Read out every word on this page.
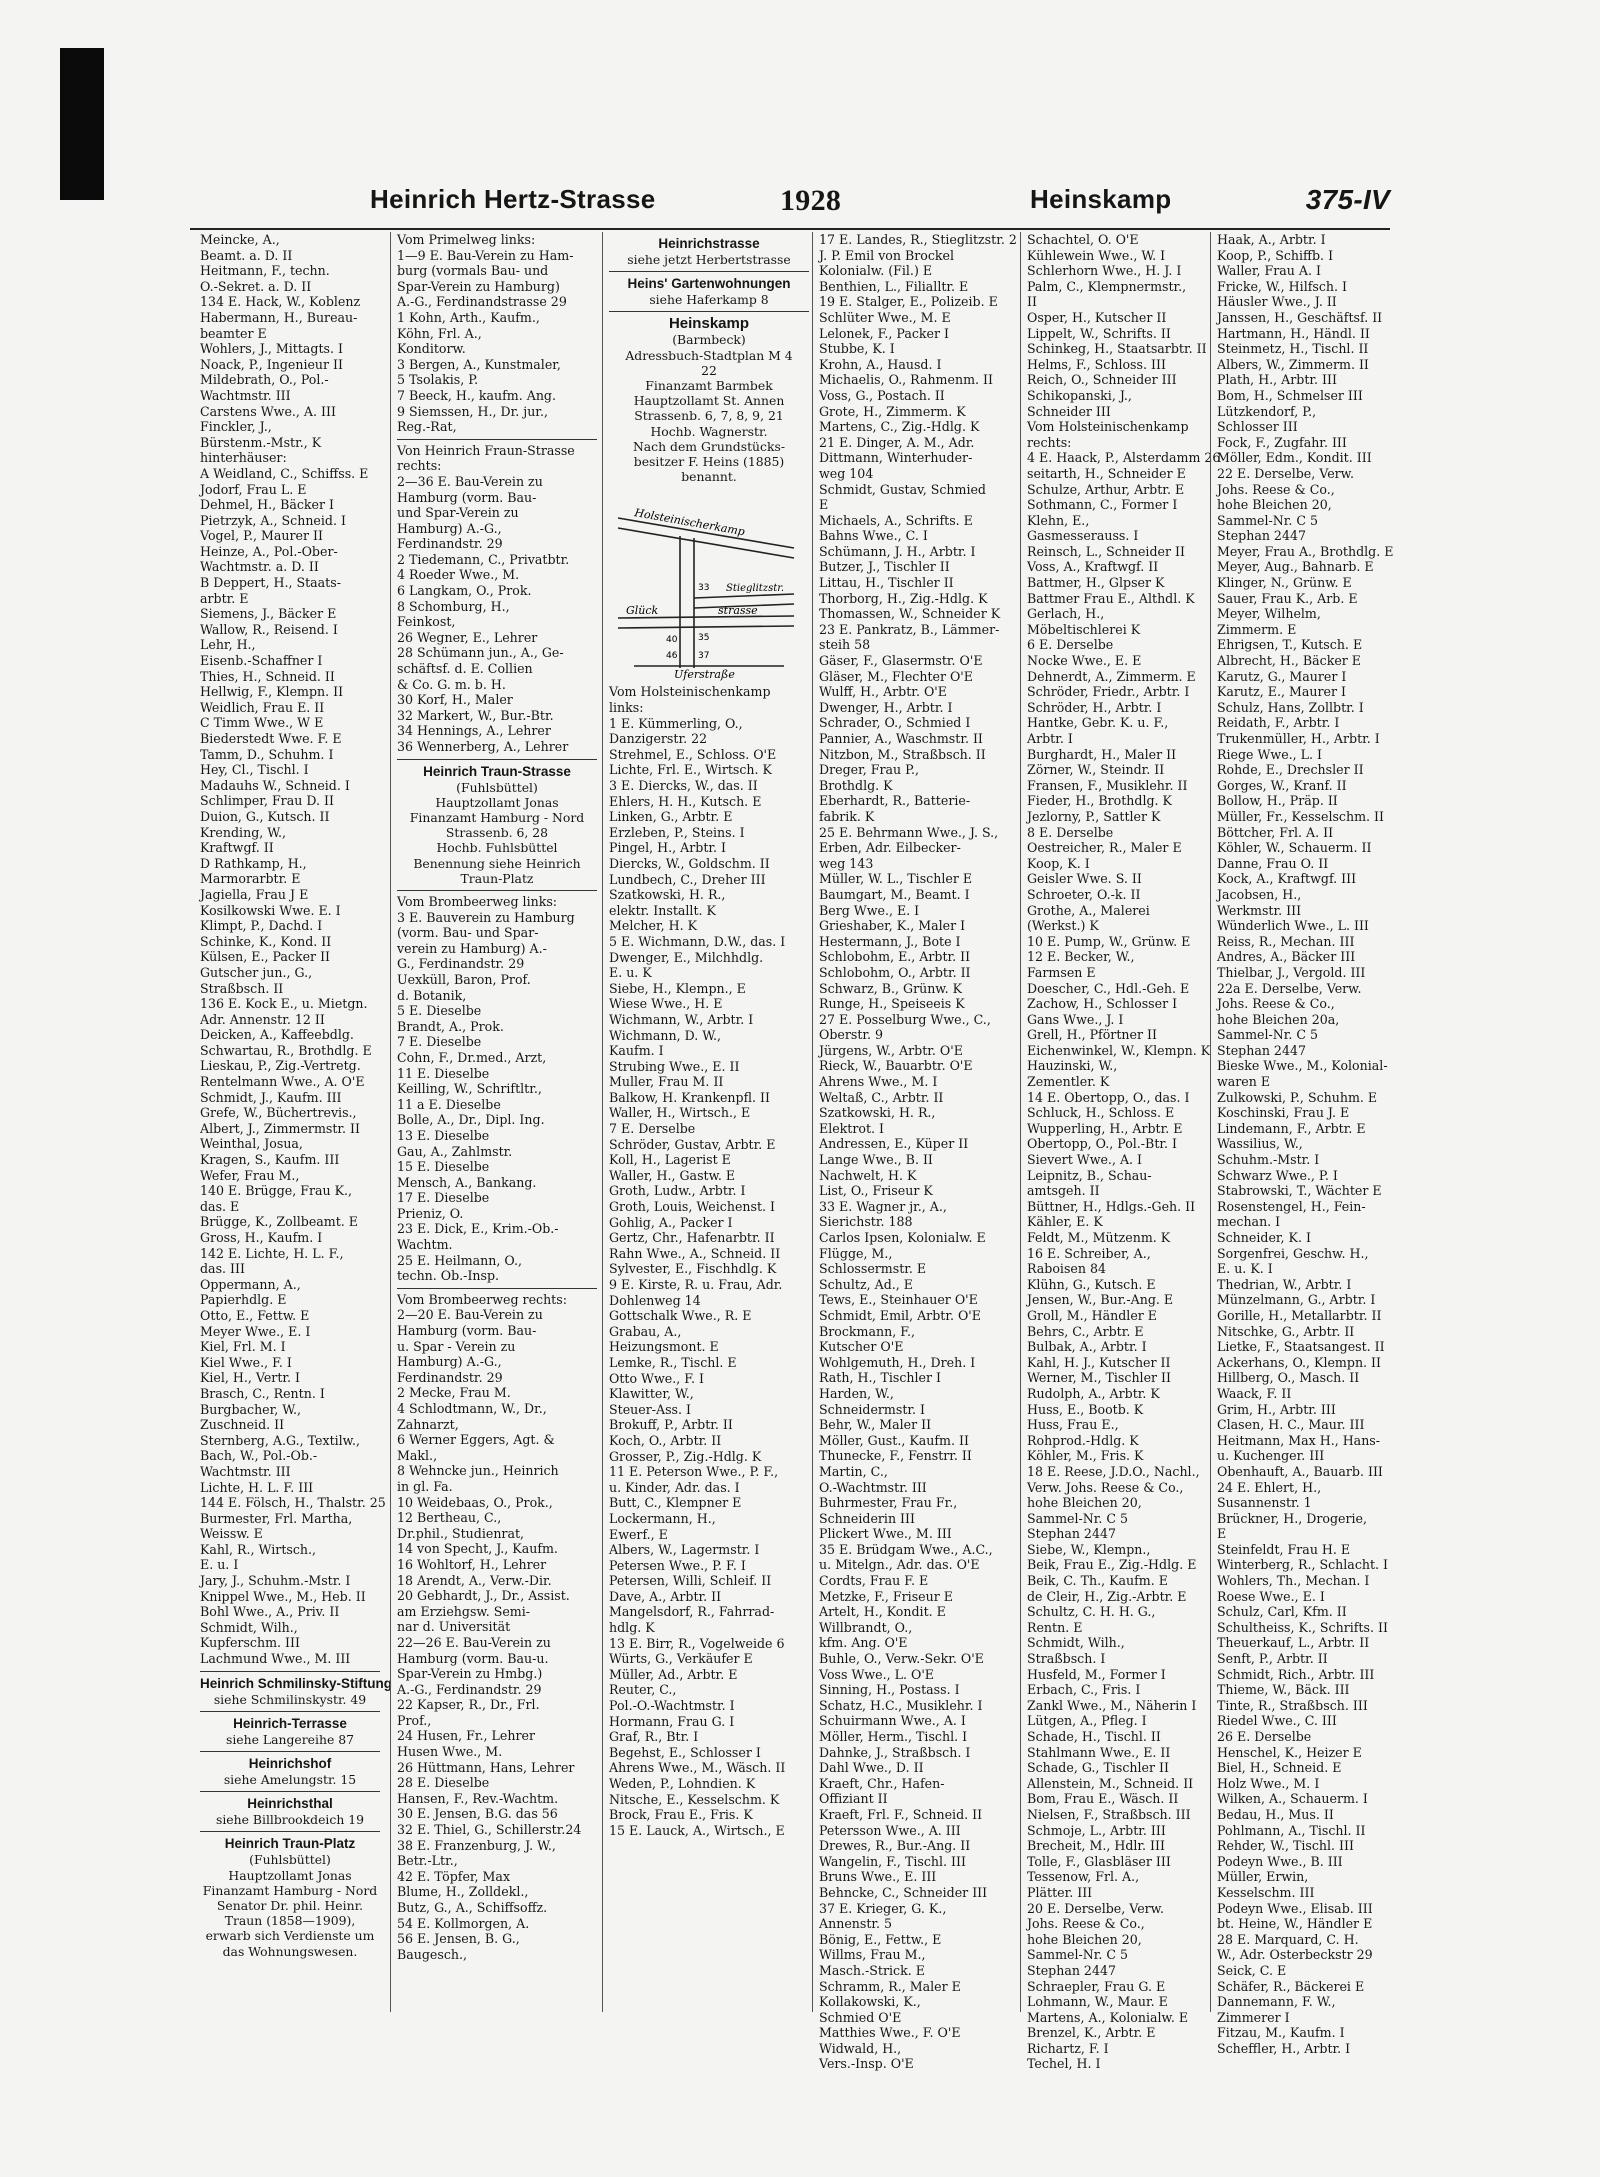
Heinrich Hertz-Strasse	1928	Heinskamp	375-IV
Meincke, A.,
Beamt. a. D. II
Heitmann, F., techn.
O.-Sekret. a. D. II
134 E. Hack, W., Koblenz
Habermann, H., Bureau-
beamter E
Wohlers, J., Mittagts. I
Noack, P., Ingenieur II
Mildebrath, O., Pol.-
Wachtmstr. III
Carstens Wwe., A. III
Finckler, J.,
Bürstenm.-Mstr., K
hinterhäuser:
A Weidland, C., Schiffss. E
Jodorf, Frau L. E
Dehmel, H., Bäcker I
Pietrzyk, A., Schneid. I
Vogel, P., Maurer II
Heinze, A., Pol.-Ober-
Wachtmstr. a. D. II
B Deppert, H., Staats-
arbtr. E
Siemens, J., Bäcker E
Wallow, R., Reisend. I
Lehr, H.,
Eisenb.-Schaffner I
Thies, H., Schneid. II
Hellwig, F., Klempn. II
Weidlich, Frau E. II
C Timm Wwe., W E
Biederstedt Wwe. F. E
Tamm, D., Schuhm. I
Hey, Cl., Tischl. I
Madauhs W., Schneid. I
Schlimper, Frau D. II
Duion, G., Kutsch. II
Krending, W.,
Kraftwgf. II
D Rathkamp, H.,
Marmorarbtr. E
Jagiella, Frau J E
Kosilkowski Wwe. E. I
Klimpt, P., Dachd. I
Schinke, K., Kond. II
Külsen, E., Packer II
Gutscher jun., G.,
Straßbsch. II
136 E. Kock E., u. Mietgn.
Adr. Annenstr. 12 II
Deicken, A., Kaffeebdlg.
Schwartau, R., Brothdlg. E
Lieskau, P., Zig.-Vertretg.
Rentelmann Wwe., A. O'E
Schmidt, J., Kaufm. III
Grefe, W., Büchertrevis.,
Albert, J., Zimmermstr. II
Weinthal, Josua,
Kragen, S., Kaufm. III
Wefer, Frau M.,
140 E. Brügge, Frau K.,
das. E
Brügge, K., Zollbeamt. E
Gross, H., Kaufm. I
142 E. Lichte, H. L. F.,
das. III
Oppermann, A.,
Papierhdlg. E
Otto, E., Fettw. E
Meyer Wwe., E. I
Kiel, Frl. M. I
Kiel Wwe., F. I
Kiel, H., Vertr. I
Brasch, C., Rentn. I
Burgbacher, W.,
Zuschneid. II
Sternberg, A.G., Textilw.,
Bach, W., Pol.-Ob.-
Wachtmstr. III
Lichte, H. L. F. III
144 E. Fölsch, H., Thalstr. 25
Burmester, Frl. Martha,
Weissw. E
Kahl, R., Wirtsch.,
E. u. I
Jary, J., Schuhm.-Mstr. I
Knippel Wwe., M., Heb. II
Bohl Wwe., A., Priv. II
Schmidt, Wilh.,
Kupferschm. III
Lachmund Wwe., M. III
Heinrich Schmilinsky-Stiftung
siehe Schmilinskystr. 49
Heinrich-Terrasse
siehe Langereihe 87
Heinrichshof
siehe Amelungstr. 15
Heinrichsthal
siehe Billbrookdeich 19
Heinrich Traun-Platz
(Fuhlsbüttel)
Hauptzollamt Jonas
Finanzamt Hamburg - Nord
Senator Dr. phil. Heinr.
Traun (1858—1909),
erwarb sich Verdienste um
das Wohnungswesen.
Vom Primelweg links:
1—9 E. Bau-Verein zu Ham-
burg (vormals Bau- und
Spar-Verein zu Hamburg)
A.-G., Ferdinandstrasse 29
1 Kohn, Arth., Kaufm.,
Köhn, Frl. A.,
Konditorw.
3 Bergen, A., Kunstmaler,
5 Tsolakis, P.
7 Beeck, H., kaufm. Ang.
9 Siemssen, H., Dr. jur.,
Reg.-Rat,
Von Heinrich Fraun-Strasse
rechts:
2—36 E. Bau-Verein zu
Hamburg (vorm. Bau-
und Spar-Verein zu
Hamburg) A.-G.,
Ferdinandstr. 29
2 Tiedemann, C., Privatbtr.
4 Roeder Wwe., M.
6 Langkam, O., Prok.
8 Schomburg, H.,
Feinkost,
26 Wegner, E., Lehrer
28 Schümann jun., A., Ge-
schäftsf. d. E. Collien
& Co. G. m. b. H.
30 Korf, H., Maler
32 Markert, W., Bur.-Btr.
34 Hennings, A., Lehrer
36 Wennerberg, A., Lehrer
Heinrich Traun-Strasse
(Fuhlsbüttel)
Hauptzollamt Jonas
Finanzamt Hamburg - Nord
Strassenb. 6, 28
Hochb. Fuhlsbüttel
Benennung siehe Heinrich
Traun-Platz
Vom Brombeerweg links:
3 E. Bauverein zu Hamburg
(vorm. Bau- und Spar-
verein zu Hamburg) A.-
G., Ferdinandstr. 29
Uexküll, Baron, Prof.
d. Botanik,
5 E. Dieselbe
Brandt, A., Prok.
7 E. Dieselbe
Cohn, F., Dr.med., Arzt,
11 E. Dieselbe
Keilling, W., Schriftltr.,
11 a E. Dieselbe
Bolle, A., Dr., Dipl. Ing.
13 E. Dieselbe
Gau, A., Zahlmstr.
15 E. Dieselbe
Mensch, A., Bankang.
17 E. Dieselbe
Prieniz, O.
23 E. Dick, E., Krim.-Ob.-
Wachtm.
25 E. Heilmann, O.,
techn. Ob.-Insp.
Vom Brombeerweg rechts:
2—20 E. Bau-Verein zu
Hamburg (vorm. Bau-
u. Spar - Verein zu
Hamburg) A.-G.,
Ferdinandstr. 29
2 Mecke, Frau M.
4 Schlodtmann, W., Dr.,
Zahnarzt,
6 Werner Eggers, Agt. &
Makl.,
8 Wehncke jun., Heinrich
in gl. Fa.
10 Weidebaas, O., Prok.,
12 Bertheau, C.,
Dr.phil., Studienrat,
14 von Specht, J., Kaufm.
16 Wohltorf, H., Lehrer
18 Arendt, A., Verw.-Dir.
20 Gebhardt, J., Dr., Assist.
am Erziehgsw. Semi-
nar d. Universität
22—26 E. Bau-Verein zu
Hamburg (vorm. Bau-u.
Spar-Verein zu Hmbg.)
A.-G., Ferdinandstr. 29
22 Kapser, R., Dr., Frl.
Prof.,
24 Husen, Fr., Lehrer
Husen Wwe., M.
26 Hüttmann, Hans, Lehrer
28 E. Dieselbe
Hansen, F., Rev.-Wachtm.
30 E. Jensen, B.G. das 56
32 E. Thiel, G., Schillerstr.24
38 E. Franzenburg, J. W.,
Betr.-Ltr.,
42 E. Töpfer, Max
Blume, H., Zolldekl.,
Butz, G., A., Schiffsoffz.
54 E. Kollmorgen, A.
56 E. Jensen, B. G.,
Baugesch.,
Heinrichstrasse
siehe jetzt Herbertstrasse
Heins' Gartenwohnungen
siehe Haferkamp 8
Heinskamp
(Barmbeck)
Adressbuch-Stadtplan M 4
22
Finanzamt Barmbek
Hauptzollamt St. Annen
Strassenb. 6, 7, 8, 9, 21
Hochb. Wagnerstr.
Nach dem Grundstücks-
besitzer F. Heins (1885)
benannt.
Holsteinischerkamp
Stieglitzstr.
Glück	strasse
Uferstraße
33
40 35
46 37
Vom Holsteinischenkamp
links:
1 E. Kümmerling, O.,
Danzigerstr. 22
Strehmel, E., Schloss. O'E
Lichte, Frl. E., Wirtsch. K
3 E. Diercks, W., das. II
Ehlers, H. H., Kutsch. E
Linken, G., Arbtr. E
Erzleben, P., Steins. I
Pingel, H., Arbtr. I
Diercks, W., Goldschm. II
Lundbech, C., Dreher III
Szatkowski, H. R.,
elektr. Installt. K
Melcher, H. K
5 E. Wichmann, D.W., das. I
Dwenger, E., Milchhdlg.
E. u. K
Siebe, H., Klempn., E
Wiese Wwe., H. E
Wichmann, W., Arbtr. I
Wichmann, D. W.,
Kaufm. I
Strubing Wwe., E. II
Muller, Frau M. II
Balkow, H. Krankenpfl. II
Waller, H., Wirtsch., E
7 E. Derselbe
Schröder, Gustav, Arbtr. E
Koll, H., Lagerist E
Waller, H., Gastw. E
Groth, Ludw., Arbtr. I
Groth, Louis, Weichenst. I
Gohlig, A., Packer I
Gertz, Chr., Hafenarbtr. II
Rahn Wwe., A., Schneid. II
Sylvester, E., Fischhdlg. K
9 E. Kirste, R. u. Frau, Adr.
Dohlenweg 14
Gottschalk Wwe., R. E
Grabau, A.,
Heizungsmont. E
Lemke, R., Tischl. E
Otto Wwe., F. I
Klawitter, W.,
Steuer-Ass. I
Brokuff, P., Arbtr. II
Koch, O., Arbtr. II
Grosser, P., Zig.-Hdlg. K
11 E. Peterson Wwe., P. F.,
u. Kinder, Adr. das. I
Butt, C., Klempner E
Lockermann, H.,
Ewerf., E
Albers, W., Lagermstr. I
Petersen Wwe., P. F. I
Petersen, Willi, Schleif. II
Dave, A., Arbtr. II
Mangelsdorf, R., Fahrrad-
hdlg. K
13 E. Birr, R., Vogelweide 6
Würts, G., Verkäufer E
Müller, Ad., Arbtr. E
Reuter, C.,
Pol.-O.-Wachtmstr. I
Hormann, Frau G. I
Graf, R., Btr. I
Begehst, E., Schlosser I
Ahrens Wwe., M., Wäsch. II
Weden, P., Lohndien. K
Nitsche, E., Kesselschm. K
Brock, Frau E., Fris. K
15 E. Lauck, A., Wirtsch., E
17 E. Landes, R., Stieglitzstr. 2
J. P. Emil von Brockel
Kolonialw. (Fil.) E
Benthien, L., Filialltr. E
19 E. Stalger, E., Polizeib. E
Schlüter Wwe., M. E
Lelonek, F., Packer I
Stubbe, K. I
Krohn, A., Hausd. I
Michaelis, O., Rahmenm. II
Voss, G., Postach. II
Grote, H., Zimmerm. K
Martens, C., Zig.-Hdlg. K
21 E. Dinger, A. M., Adr.
Dittmann, Winterhuder-
weg 104
Schmidt, Gustav, Schmied
E
Michaels, A., Schrifts. E
Bahns Wwe., C. I
Schümann, J. H., Arbtr. I
Butzer, J., Tischler II
Littau, H., Tischler II
Thorborg, H., Zig.-Hdlg. K
Thomassen, W., Schneider K
23 E. Pankratz, B., Lämmer-
steih 58
Gäser, F., Glasermstr. O'E
Gläser, M., Flechter O'E
Wulff, H., Arbtr. O'E
Dwenger, H., Arbtr. I
Schrader, O., Schmied I
Pannier, A., Waschmstr. II
Nitzbon, M., Straßbsch. II
Dreger, Frau P.,
Brothdlg. K
Eberhardt, R., Batterie-
fabrik. K
25 E. Behrmann Wwe., J. S.,
Erben, Adr. Eilbecker-
weg 143
Müller, W. L., Tischler E
Baumgart, M., Beamt. I
Berg Wwe., E. I
Grieshaber, K., Maler I
Hestermann, J., Bote I
Schlobohm, E., Arbtr. II
Schlobohm, O., Arbtr. II
Schwarz, B., Grünw. K
Runge, H., Speiseeis K
27 E. Posselburg Wwe., C.,
Oberstr. 9
Jürgens, W., Arbtr. O'E
Rieck, W., Bauarbtr. O'E
Ahrens Wwe., M. I
Weltaß, C., Arbtr. II
Szatkowski, H. R.,
Elektrot. I
Andressen, E., Küper II
Lange Wwe., B. II
Nachwelt, H. K
List, O., Friseur K
33 E. Wagner jr., A.,
Sierichstr. 188
Carlos Ipsen, Kolonialw. E
Flügge, M.,
Schlossermstr. E
Schultz, Ad., E
Tews, E., Steinhauer O'E
Schmidt, Emil, Arbtr. O'E
Brockmann, F.,
Kutscher O'E
Wohlgemuth, H., Dreh. I
Rath, H., Tischler I
Harden, W.,
Schneidermstr. I
Behr, W., Maler II
Möller, Gust., Kaufm. II
Thunecke, F., Fenstrr. II
Martin, C.,
O.-Wachtmstr. III
Buhrmester, Frau Fr.,
Schneiderin III
Plickert Wwe., M. III
35 E. Brüdgam Wwe., A.C.,
u. Mitelgn., Adr. das. O'E
Cordts, Frau F. E
Metzke, F., Friseur E
Artelt, H., Kondit. E
Willbrandt, O.,
kfm. Ang. O'E
Buhle, O., Verw.-Sekr. O'E
Voss Wwe., L. O'E
Sinning, H., Postass. I
Schatz, H.C., Musiklehr. I
Schuirmann Wwe., A. I
Möller, Herm., Tischl. I
Dahnke, J., Straßbsch. I
Dahl Wwe., D. II
Kraeft, Chr., Hafen-
Offiziant II
Kraeft, Frl. F., Schneid. II
Petersson Wwe., A. III
Drewes, R., Bur.-Ang. II
Wangelin, F., Tischl. III
Bruns Wwe., E. III
Behncke, C., Schneider III
37 E. Krieger, G. K.,
Annenstr. 5
Bönig, E., Fettw., E
Willms, Frau M.,
Masch.-Strick. E
Schramm, R., Maler E
Kollakowski, K.,
Schmied O'E
Matthies Wwe., F. O'E
Widwald, H.,
Vers.-Insp. O'E
Schachtel, O. O'E
Kühlewein Wwe., W. I
Schlerhorn Wwe., H. J. I
Palm, C., Klempnermstr.,
II
Osper, H., Kutscher II
Lippelt, W., Schrifts. II
Schinkeg, H., Staatsarbtr. II
Helms, F., Schloss. III
Reich, O., Schneider III
Schikopanski, J.,
Schneider III
Vom Holsteinischenkamp
rechts:
4 E. Haack, P., Alsterdamm 26
seitarth, H., Schneider E
Schulze, Arthur, Arbtr. E
Sothmann, C., Former I
Klehn, E.,
Gasmesserauss. I
Reinsch, L., Schneider II
Voss, A., Kraftwgf. II
Battmer, H., Glpser K
Battmer Frau E., Althdl. K
Gerlach, H.,
Möbeltischlerei K
6 E. Derselbe
Nocke Wwe., E. E
Dehnerdt, A., Zimmerm. E
Schröder, Friedr., Arbtr. I
Schröder, H., Arbtr. I
Hantke, Gebr. K. u. F.,
Arbtr. I
Burghardt, H., Maler II
Zörner, W., Steindr. II
Fransen, F., Musiklehr. II
Fieder, H., Brothdlg. K
Jezlorny, P., Sattler K
8 E. Derselbe
Oestreicher, R., Maler E
Koop, K. I
Geisler Wwe. S. II
Schroeter, O.-k. II
Grothe, A., Malerei
(Werkst.) K
10 E. Pump, W., Grünw. E
12 E. Becker, W.,
Farmsen E
Doescher, C., Hdl.-Geh. E
Zachow, H., Schlosser I
Gans Wwe., J. I
Grell, H., Pförtner II
Eichenwinkel, W., Klempn. K
Hauzinski, W.,
Zementler. K
14 E. Obertopp, O., das. I
Schluck, H., Schloss. E
Wupperling, H., Arbtr. E
Obertopp, O., Pol.-Btr. I
Sievert Wwe., A. I
Leipnitz, B., Schau-
amtsgeh. II
Büttner, H., Hdlgs.-Geh. II
Kähler, E. K
Feldt, M., Mützenm. K
16 E. Schreiber, A.,
Raboisen 84
Klühn, G., Kutsch. E
Jensen, W., Bur.-Ang. E
Groll, M., Händler E
Behrs, C., Arbtr. E
Bulbak, A., Arbtr. I
Kahl, H. J., Kutscher II
Werner, M., Tischler II
Rudolph, A., Arbtr. K
Huss, E., Bootb. K
Huss, Frau E.,
Rohprod.-Hdlg. K
Köhler, M., Fris. K
18 E. Reese, J.D.O., Nachl.,
Verw. Johs. Reese & Co.,
hohe Bleichen 20,
Sammel-Nr. C 5
Stephan 2447
Siebe, W., Klempn.,
Beik, Frau E., Zig.-Hdlg. E
Beik, C. Th., Kaufm. E
de Cleir, H., Zig.-Arbtr. E
Schultz, C. H. H. G.,
Rentn. E
Schmidt, Wilh.,
Straßbsch. I
Husfeld, M., Former I
Erbach, C., Fris. I
Zankl Wwe., M., Näherin I
Lütgen, A., Pfleg. I
Schade, H., Tischl. II
Stahlmann Wwe., E. II
Schade, G., Tischler II
Allenstein, M., Schneid. II
Bom, Frau E., Wäsch. II
Nielsen, F., Straßbsch. III
Schmoje, L., Arbtr. III
Brecheit, M., Hdlr. III
Tolle, F., Glasbläser III
Tessenow, Frl. A.,
Plätter. III
20 E. Derselbe, Verw.
Johs. Reese & Co.,
hohe Bleichen 20,
Sammel-Nr. C 5
Stephan 2447
Schraepler, Frau G. E
Lohmann, W., Maur. E
Martens, A., Kolonialw. E
Brenzel, K., Arbtr. E
Richartz, F. I
Techel, H. I
Haak, A., Arbtr. I
Koop, P., Schiffb. I
Waller, Frau A. I
Fricke, W., Hilfsch. I
Häusler Wwe., J. II
Janssen, H., Geschäftsf. II
Hartmann, H., Händl. II
Steinmetz, H., Tischl. II
Albers, W., Zimmerm. II
Plath, H., Arbtr. III
Bom, H., Schmelser III
Lützkendorf, P.,
Schlosser III
Fock, F., Zugfahr. III
Möller, Edm., Kondit. III
22 E. Derselbe, Verw.
Johs. Reese & Co.,
hohe Bleichen 20,
Sammel-Nr. C 5
Stephan 2447
Meyer, Frau A., Brothdlg. E
Meyer, Aug., Bahnarb. E
Klinger, N., Grünw. E
Sauer, Frau K., Arb. E
Meyer, Wilhelm,
Zimmerm. E
Ehrigsen, T., Kutsch. E
Albrecht, H., Bäcker E
Karutz, G., Maurer I
Karutz, E., Maurer I
Schulz, Hans, Zollbtr. I
Reidath, F., Arbtr. I
Trukenmüller, H., Arbtr. I
Riege Wwe., L. I
Rohde, E., Drechsler II
Gorges, W., Kranf. II
Bollow, H., Präp. II
Müller, Fr., Kesselschm. II
Böttcher, Frl. A. II
Köhler, W., Schauerm. II
Danne, Frau O. II
Kock, A., Kraftwgf. III
Jacobsen, H.,
Werkmstr. III
Wünderlich Wwe., L. III
Reiss, R., Mechan. III
Andres, A., Bäcker III
Thielbar, J., Vergold. III
22a E. Derselbe, Verw.
Johs. Reese & Co.,
hohe Bleichen 20a,
Sammel-Nr. C 5
Stephan 2447
Bieske Wwe., M., Kolonial-
waren E
Zulkowski, P., Schuhm. E
Koschinski, Frau J. E
Lindemann, F., Arbtr. E
Wassilius, W.,
Schuhm.-Mstr. I
Schwarz Wwe., P. I
Stabrowski, T., Wächter E
Rosenstengel, H., Fein-
mechan. I
Schneider, K. I
Sorgenfrei, Geschw. H.,
E. u. K. I
Thedrian, W., Arbtr. I
Münzelmann, G., Arbtr. I
Gorille, H., Metallarbtr. II
Nitschke, G., Arbtr. II
Lietke, F., Staatsangest. II
Ackerhans, O., Klempn. II
Hillberg, O., Masch. II
Waack, F. II
Grim, H., Arbtr. III
Clasen, H. C., Maur. III
Heitmann, Max H., Hans-
u. Kuchenger. III
Obenhauft, A., Bauarb. III
24 E. Ehlert, H.,
Susannenstr. 1
Brückner, H., Drogerie,
E
Steinfeldt, Frau H. E
Winterberg, R., Schlacht. I
Wohlers, Th., Mechan. I
Roese Wwe., E. I
Schulz, Carl, Kfm. II
Schultheiss, K., Schrifts. II
Theuerkauf, L., Arbtr. II
Senft, P., Arbtr. II
Schmidt, Rich., Arbtr. III
Thieme, W., Bäck. III
Tinte, R., Straßbsch. III
Riedel Wwe., C. III
26 E. Derselbe
Henschel, K., Heizer E
Biel, H., Schneid. E
Holz Wwe., M. I
Wilken, A., Schauerm. I
Bedau, H., Mus. II
Pohlmann, A., Tischl. II
Rehder, W., Tischl. III
Podeyn Wwe., B. III
Müller, Erwin,
Kesselschm. III
Podeyn Wwe., Elisab. III
bt. Heine, W., Händler E
28 E. Marquard, C. H.
W., Adr. Osterbeckstr 29
Seick, C. E
Schäfer, R., Bäckerei E
Dannemann, F. W.,
Zimmerer I
Fitzau, M., Kaufm. I
Scheffler, H., Arbtr. I
